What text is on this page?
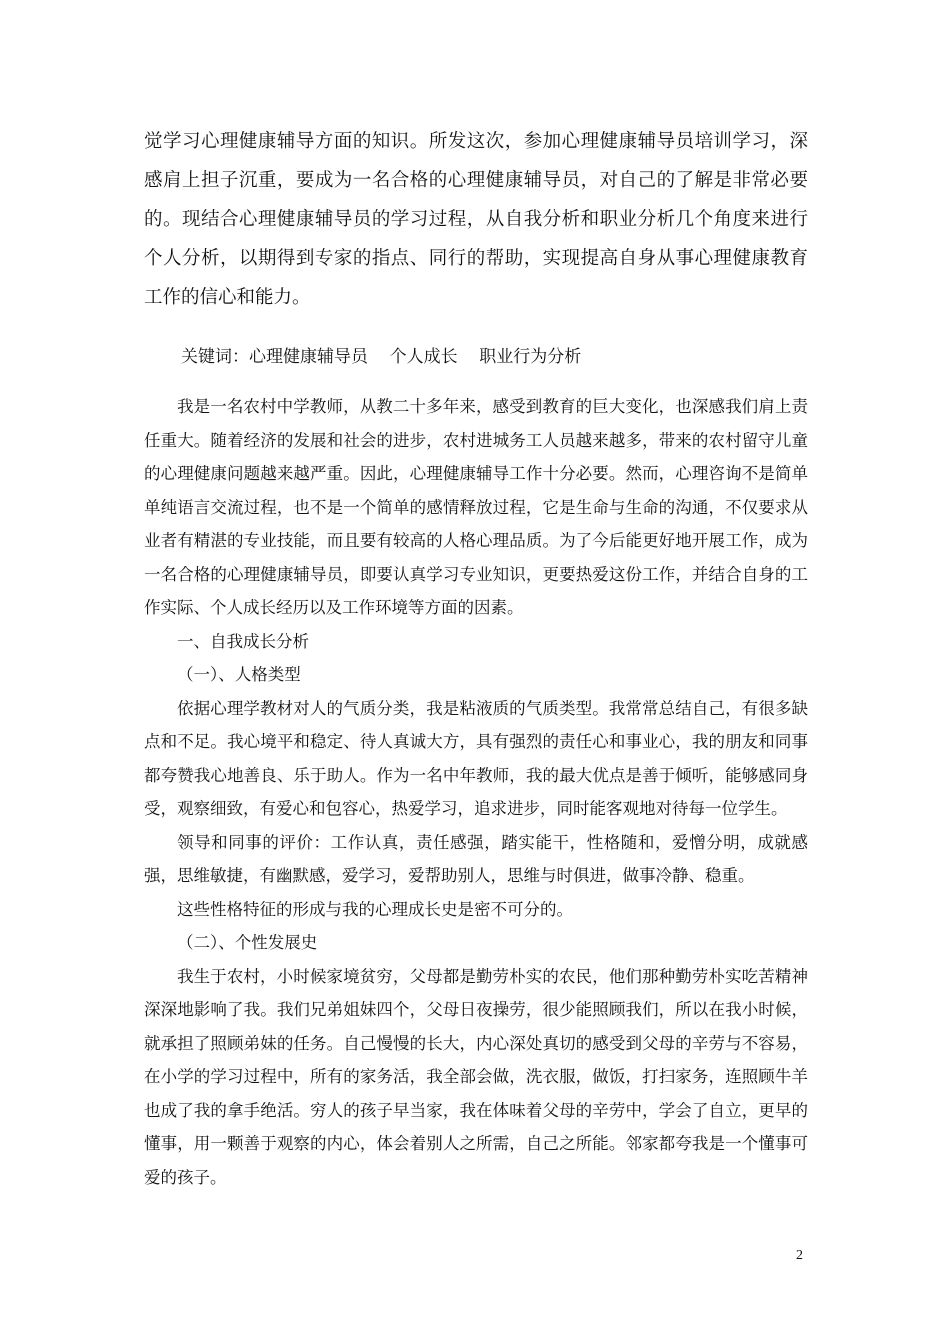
觉学习心理健康辅导方面的知识。所发这次，参加心理健康辅导员培训学习，深感肩上担子沉重，要成为一名合格的心理健康辅导员，对自己的了解是非常必要的。现结合心理健康辅导员的学习过程，从自我分析和职业分析几个角度来进行个人分析，以期得到专家的指点、同行的帮助，实现提高自身从事心理健康教育工作的信心和能力。
关键词：心理健康辅导员    个人成长    职业行为分析

我是一名农村中学教师，从教二十多年来，感受到教育的巨大变化，也深感我们肩上责任重大。随着经济的发展和社会的进步，农村进城务工人员越来越多，带来的农村留守儿童的心理健康问题越来越严重。因此，心理健康辅导工作十分必要。然而，心理咨询不是简单单纯语言交流过程，也不是一个简单的感情释放过程，它是生命与生命的沟通，不仅要求从业者有精湛的专业技能，而且要有较高的人格心理品质。为了今后能更好地开展工作，成为一名合格的心理健康辅导员，即要认真学习专业知识，更要热爱这份工作，并结合自身的工作实际、个人成长经历以及工作环境等方面的因素。

一、自我成长分析

（一）、人格类型

依据心理学教材对人的气质分类，我是粘液质的气质类型。我常常总结自己，有很多缺点和不足。我心境平和稳定、待人真诚大方，具有强烈的责任心和事业心，我的朋友和同事都夸赞我心地善良、乐于助人。作为一名中年教师，我的最大优点是善于倾听，能够感同身受，观察细致，有爱心和包容心，热爱学习，追求进步，同时能客观地对待每一位学生。

领导和同事的评价：工作认真，责任感强，踏实能干，性格随和，爱憎分明，成就感强，思维敏捷，有幽默感，爱学习，爱帮助别人，思维与时俱进，做事冷静、稳重。

这些性格特征的形成与我的心理成长史是密不可分的。

（二）、个性发展史

我生于农村，小时候家境贫穷，父母都是勤劳朴实的农民，他们那种勤劳朴实吃苦精神深深地影响了我。我们兄弟姐妹四个，父母日夜操劳，很少能照顾我们，所以在我小时候，就承担了照顾弟妹的任务。自己慢慢的长大，内心深处真切的感受到父母的辛劳与不容易，在小学的学习过程中，所有的家务活，我全部会做，洗衣服，做饭，打扫家务，连照顾牛羊也成了我的拿手绝活。穷人的孩子早当家，我在体味着父母的辛劳中，学会了自立，更早的懂事，用一颗善于观察的内心，体会着别人之所需，自己之所能。邻家都夸我是一个懂事可爱的孩子。

2
